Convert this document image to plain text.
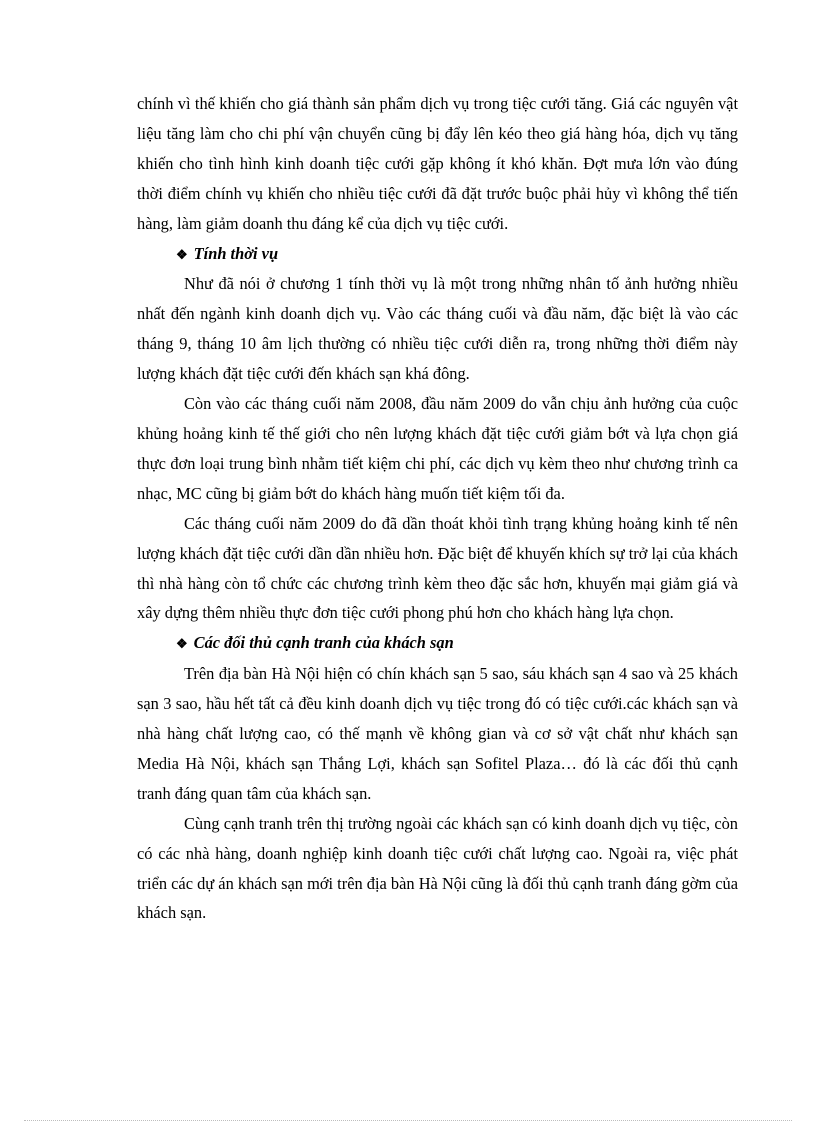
chính vì thế khiến cho giá thành sản phẩm dịch vụ trong tiệc cưới tăng. Giá các nguyên vật liệu tăng làm cho chi phí vận chuyển cũng bị đẩy lên kéo theo giá hàng hóa, dịch vụ tăng khiến cho tình hình kinh doanh tiệc cưới gặp không ít khó khăn. Đợt mưa lớn vào đúng thời điểm chính vụ khiến cho nhiều tiệc cưới đã đặt trước buộc phải hủy vì không thể tiến hàng, làm giảm doanh thu đáng kể của dịch vụ tiệc cưới.

❖ Tính thời vụ

Như đã nói ở chương 1 tính thời vụ là một trong những nhân tố ảnh hưởng nhiều nhất đến ngành kinh doanh dịch vụ. Vào các tháng cuối và đầu năm, đặc biệt là vào các tháng 9, tháng 10 âm lịch thường có nhiều tiệc cưới diễn ra, trong những thời điểm này lượng khách đặt tiệc cưới đến khách sạn khá đông.

Còn vào các tháng cuối năm 2008, đầu năm 2009 do vẫn chịu ảnh hưởng của cuộc khủng hoảng kinh tế thế giới cho nên lượng khách đặt tiệc cưới giảm bớt và lựa chọn giá thực đơn loại trung bình nhằm tiết kiệm chi phí, các dịch vụ kèm theo như chương trình ca nhạc, MC cũng bị giảm bớt do khách hàng muốn tiết kiệm tối đa.

Các tháng cuối năm 2009 do đã dần thoát khỏi tình trạng khủng hoảng kinh tế nên lượng khách đặt tiệc cưới dần dần nhiều hơn. Đặc biệt để khuyến khích sự trở lại của khách thì nhà hàng còn tổ chức các chương trình kèm theo đặc sắc hơn, khuyến mại giảm giá và xây dựng thêm nhiều thực đơn tiệc cưới phong phú hơn cho khách hàng lựa chọn.

❖ Các đối thủ cạnh tranh của khách sạn

Trên địa bàn Hà Nội hiện có chín khách sạn 5 sao, sáu khách sạn 4 sao và 25 khách sạn 3 sao, hầu hết tất cả đều kinh doanh dịch vụ tiệc trong đó có tiệc cưới.các khách sạn và nhà hàng chất lượng cao, có thế mạnh về không gian và cơ sở vật chất như khách sạn Media Hà Nội, khách sạn Thắng Lợi, khách sạn Sofitel Plaza… đó là các đối thủ cạnh tranh đáng quan tâm của khách sạn.

Cùng cạnh tranh trên thị trường ngoài các khách sạn có kinh doanh dịch vụ tiệc, còn có các nhà hàng, doanh nghiệp kinh doanh tiệc cưới chất lượng cao. Ngoài ra, việc phát triển các dự án khách sạn mới trên địa bàn Hà Nội cũng là đối thủ cạnh tranh đáng gờm của khách sạn.
